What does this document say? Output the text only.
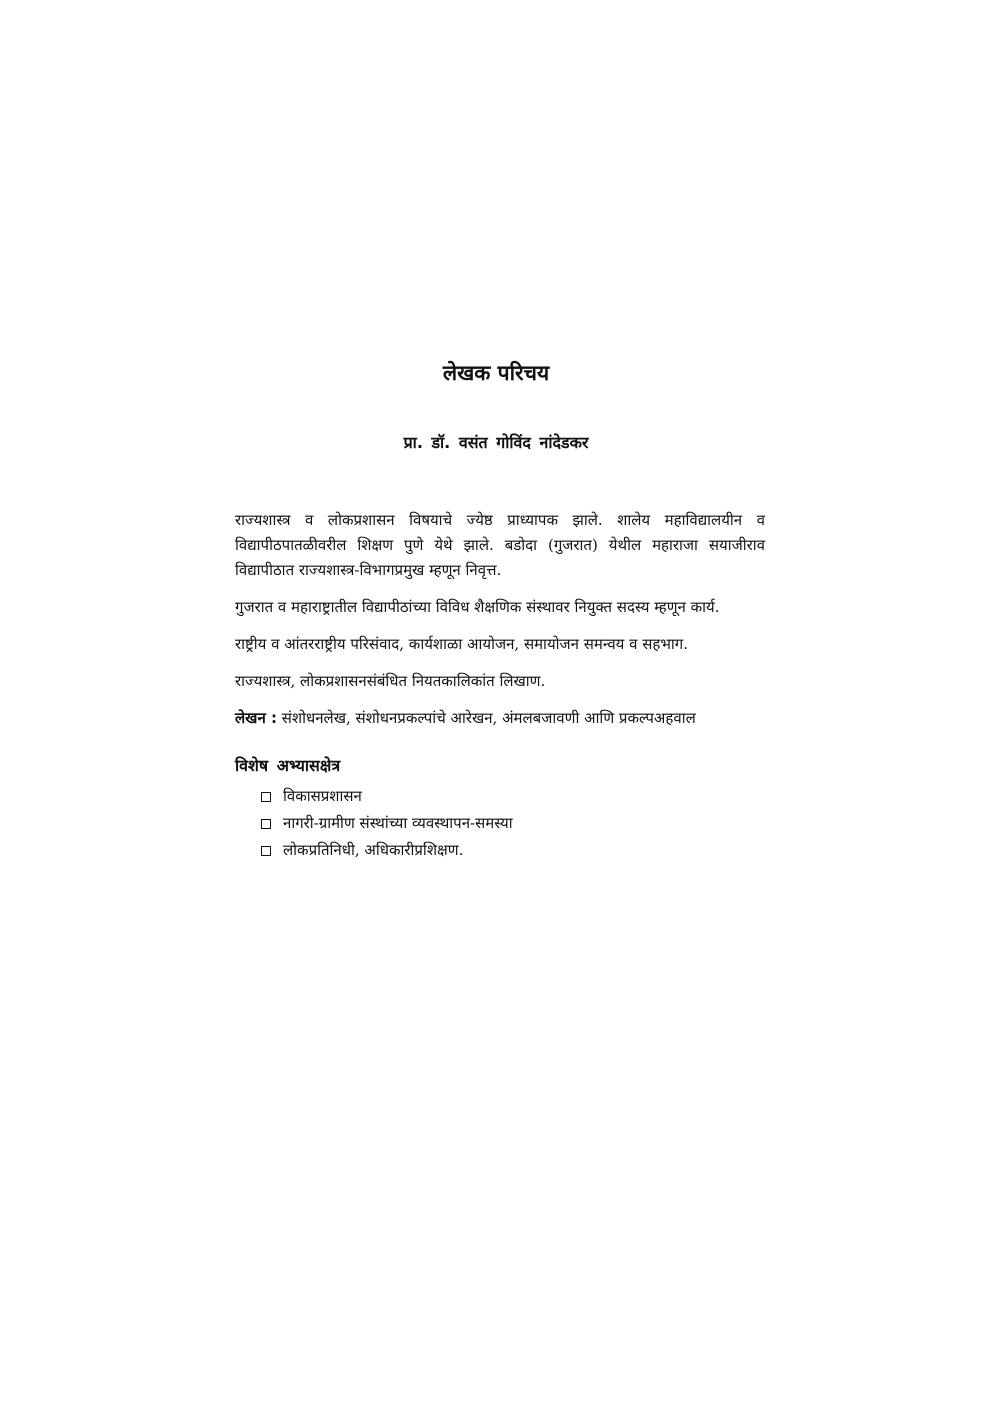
लेखक परिचय
प्रा. डॉ. वसंत गोविंद नांदेडकर

राज्यशास्त्र व लोकप्रशासन विषयाचे ज्येष्ठ प्राध्यापक झाले. शालेय महाविद्यालयीन व विद्यापीठपातळीवरील शिक्षण पुणे येथे झाले. बडोदा (गुजरात) येथील महाराजा सयाजीराव विद्यापीठात राज्यशास्त्र-विभागप्रमुख म्हणून निवृत्त.

गुजरात व महाराष्ट्रातील विद्यापीठांच्या विविध शैक्षणिक संस्थावर नियुक्त सदस्य म्हणून कार्य.

राष्ट्रीय व आंतरराष्ट्रीय परिसंवाद, कार्यशाळा आयोजन, समायोजन समन्वय व सहभाग.

राज्यशास्त्र, लोकप्रशासनसंबंधित नियतकालिकांत लिखाण.

लेखन : संशोधनलेख, संशोधनप्रकल्पांचे आरेखन, अंमलबजावणी आणि प्रकल्पअहवाल

विशेष अभ्यासक्षेत्र
विकासप्रशासन
नागरी-ग्रामीण संस्थांच्या व्यवस्थापन-समस्या
लोकप्रतिनिधी, अधिकारीप्रशिक्षण.
